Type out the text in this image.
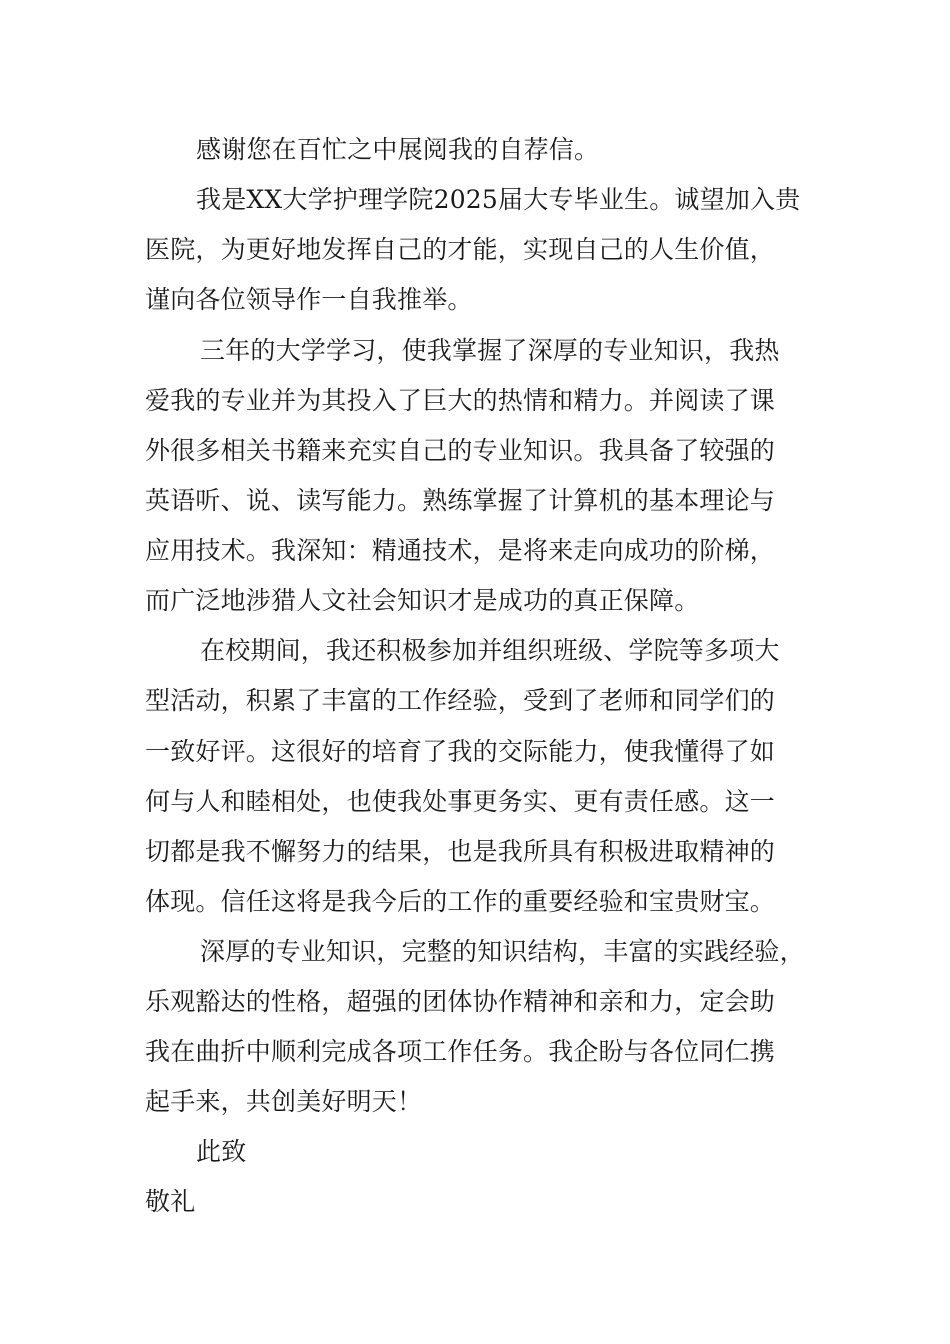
感谢您在百忙之中展阅我的自荐信。
我是XX大学护理学院2025届大专毕业生。诚望加入贵
医院，为更好地发挥自己的才能，实现自己的人生价值，
谨向各位领导作一自我推举。
三年的大学学习，使我掌握了深厚的专业知识，我热
爱我的专业并为其投入了巨大的热情和精力。并阅读了课
外很多相关书籍来充实自己的专业知识。我具备了较强的
英语听、说、读写能力。熟练掌握了计算机的基本理论与
应用技术。我深知：精通技术，是将来走向成功的阶梯，
而广泛地涉猎人文社会知识才是成功的真正保障。
在校期间，我还积极参加并组织班级、学院等多项大
型活动，积累了丰富的工作经验，受到了老师和同学们的
一致好评。这很好的培育了我的交际能力，使我懂得了如
何与人和睦相处，也使我处事更务实、更有责任感。这一
切都是我不懈努力的结果，也是我所具有积极进取精神的
体现。信任这将是我今后的工作的重要经验和宝贵财宝。
深厚的专业知识，完整的知识结构，丰富的实践经验，
乐观豁达的性格，超强的团体协作精神和亲和力，定会助
我在曲折中顺利完成各项工作任务。我企盼与各位同仁携
起手来，共创美好明天！
此致
敬礼
